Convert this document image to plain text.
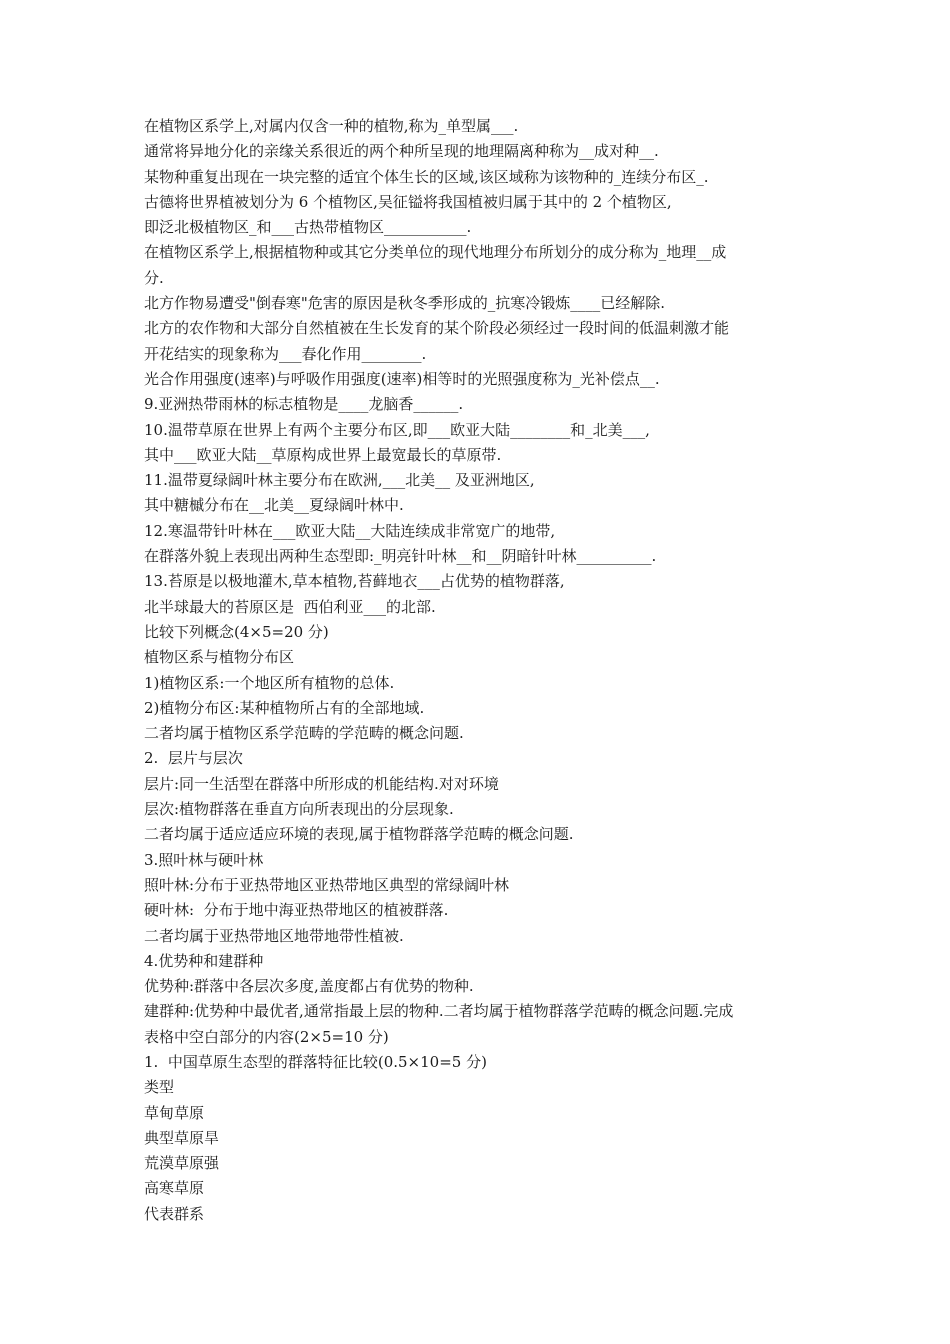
在植物区系学上,对属内仅含一种的植物,称为_单型属___.
通常将异地分化的亲缘关系很近的两个种所呈现的地理隔离种称为__成对种__.
某物种重复出现在一块完整的适宜个体生长的区域,该区域称为该物种的_连续分布区_.
古德将世界植被划分为 6 个植物区,吴征镒将我国植被归属于其中的 2 个植物区,
即泛北极植物区_和___古热带植物区___________.
在植物区系学上,根据植物种或其它分类单位的现代地理分布所划分的成分称为_地理__成
分.
北方作物易遭受"倒春寒"危害的原因是秋冬季形成的_抗寒冷锻炼____已经解除.
北方的农作物和大部分自然植被在生长发育的某个阶段必须经过一段时间的低温刺激才能
开花结实的现象称为___春化作用________.
光合作用强度(速率)与呼吸作用强度(速率)相等时的光照强度称为_光补偿点__.
9.亚洲热带雨林的标志植物是____龙脑香______.
10.温带草原在世界上有两个主要分布区,即___欧亚大陆________和_北美___,
其中___欧亚大陆__草原构成世界上最宽最长的草原带.
11.温带夏绿阔叶林主要分布在欧洲,___北美__ 及亚洲地区,
其中糖槭分布在__北美__夏绿阔叶林中.
12.寒温带针叶林在___欧亚大陆__大陆连续成非常宽广的地带,
在群落外貌上表现出两种生态型即:_明亮针叶林__和__阴暗针叶林__________.
13.苔原是以极地灌木,草本植物,苔藓地衣___占优势的植物群落,
北半球最大的苔原区是  西伯利亚___的北部.
比较下列概念(4×5=20 分)
植物区系与植物分布区
1)植物区系:一个地区所有植物的总体.
2)植物分布区:某种植物所占有的全部地域.
二者均属于植物区系学范畴的学范畴的概念问题.
2.  层片与层次
层片:同一生活型在群落中所形成的机能结构.对对环境
层次:植物群落在垂直方向所表现出的分层现象.
二者均属于适应适应环境的表现,属于植物群落学范畴的概念问题.
3.照叶林与硬叶林
照叶林:分布于亚热带地区亚热带地区典型的常绿阔叶林
硬叶林:  分布于地中海亚热带地区的植被群落.
二者均属于亚热带地区地带地带性植被.
4.优势种和建群种
优势种:群落中各层次多度,盖度都占有优势的物种.
建群种:优势种中最优者,通常指最上层的物种.二者均属于植物群落学范畴的概念问题.完成
表格中空白部分的内容(2×5=10 分)
1.  中国草原生态型的群落特征比较(0.5×10=5 分)
类型
草甸草原
典型草原旱
荒漠草原强
高寒草原
代表群系
